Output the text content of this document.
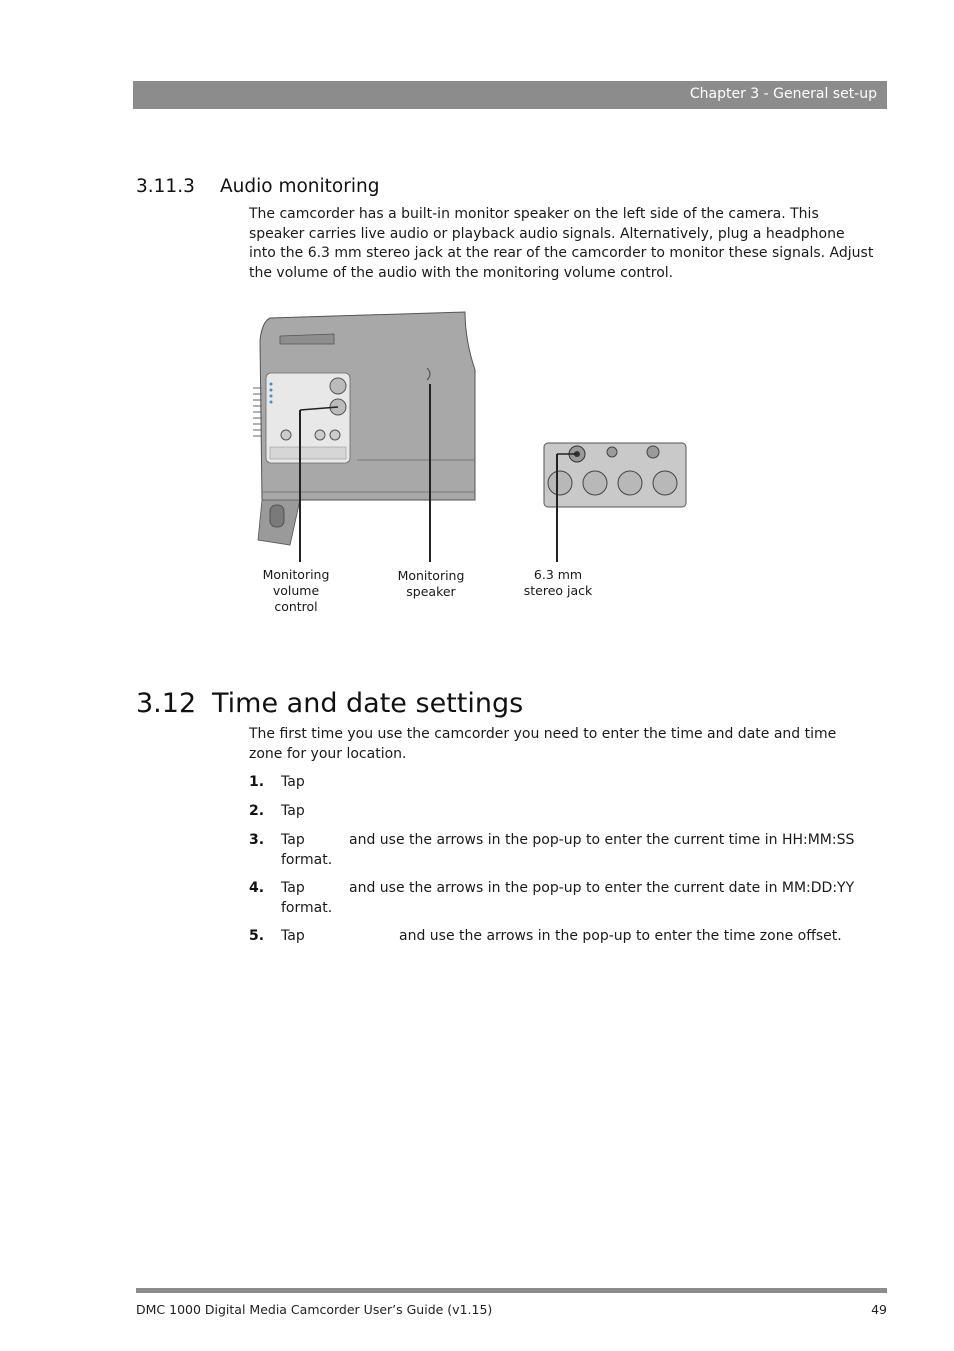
Chapter 3 - General set-up
3.11.3 Audio monitoring

The camcorder has a built-in monitor speaker on the left side of the camera. This speaker carries live audio or playback audio signals. Alternatively, plug a headphone into the 6.3 mm stereo jack at the rear of the camcorder to monitor these signals. Adjust the volume of the audio with the monitoring volume control.

Monitoring
volume
control
Monitoring
speaker
6.3 mm
stereo jack
3.12 Time and date settings

The first time you use the camcorder you need to enter the time and date and time zone for your location.

1. Tap
2. Tap
3. Tap	and use the arrows in the pop-up to enter the current time in HH:MM:SS format.
4. Tap	and use the arrows in the pop-up to enter the current date in MM:DD:YY format.
5. Tap	and use the arrows in the pop-up to enter the time zone offset.
DMC 1000 Digital Media Camcorder User’s Guide (v1.15)	49
